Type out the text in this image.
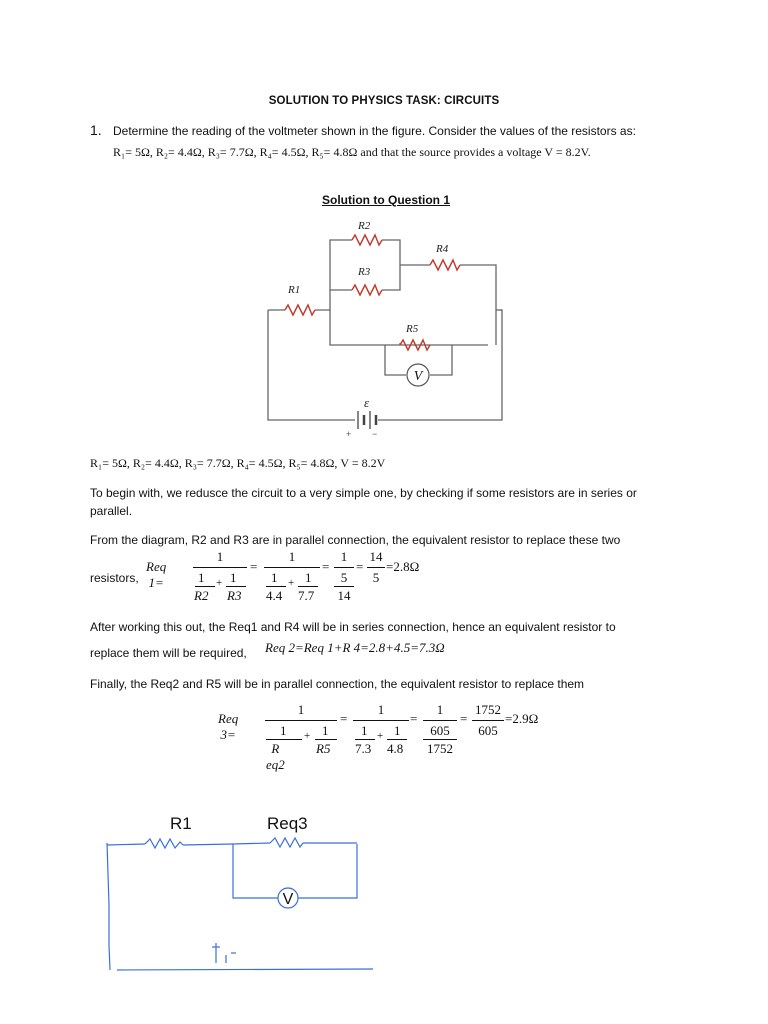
SOLUTION TO PHYSICS TASK: CIRCUITS
1. Determine the reading of the voltmeter shown in the figure. Consider the values of the resistors as:
R₁= 5Ω, R₂= 4.4Ω, R₃= 7.7Ω, R₄= 4.5Ω, R₅= 4.8Ω and that the source provides a voltage V = 8.2V.
Solution to Question 1
V
ε
+ −
R1
R2
R3
R4
R5
R₁= 5Ω, R₂= 4.4Ω, R₃= 7.7Ω, R₄= 4.5Ω, R₅= 4.8Ω, V = 8.2V
To begin with, we redusce the circuit to a very simple one, by checking if some resistors are in series or parallel.
From the diagram, R2 and R3 are in parallel connection, the equivalent resistor to replace these two
resistors,
Req 1=
1
1 1
+
R2 R3
=
1
1 1
+
4.4 7.7
=
1
5
14
=
14
5
=2.8Ω
After working this out, the Req1 and R4 will be in series connection, hence an equivalent resistor to
replace them will be required,	Req 2=Req 1+R 4=2.8+4.5=7.3Ω
Finally, the Req2 and R5 will be in parallel connection, the equivalent resistor to replace them
Req 3=
1
1	1
+
R eq2
R5
=
1
1 1
+
7.3 4.8
=
1
605
1752
=
1752
605
=2.9Ω
V
R1	Req3
